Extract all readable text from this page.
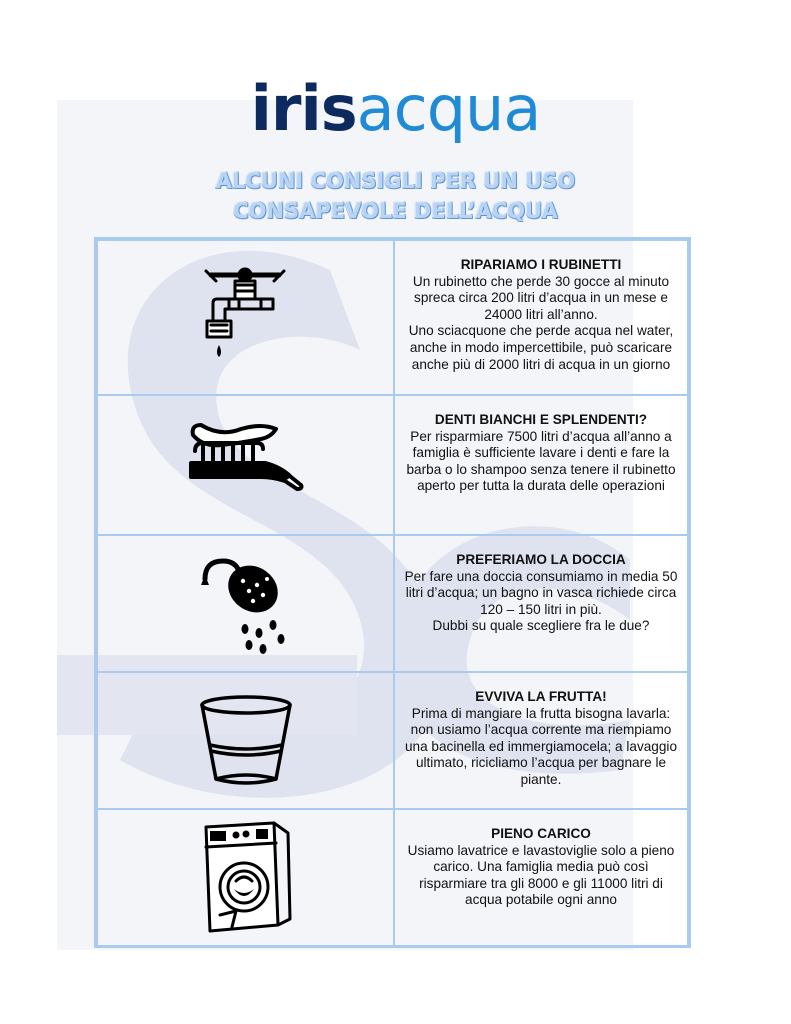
irisacqua
ALCUNI CONSIGLI PER UN USO
CONSAPEVOLE DELL’ACQUA
RIPARIAMO I RUBINETTI
Un rubinetto che perde 30 gocce al minuto
spreca circa 200 litri d’acqua in un mese e
24000 litri all’anno.
Uno sciacquone che perde acqua nel water,
anche in modo impercettibile, può scaricare
anche più di 2000 litri di acqua in un giorno
DENTI BIANCHI E SPLENDENTI?
Per risparmiare 7500 litri d’acqua all’anno a
famiglia è sufficiente lavare i denti e fare la
barba o lo shampoo senza tenere il rubinetto
aperto per tutta la durata delle operazioni
PREFERIAMO LA DOCCIA
Per fare una doccia consumiamo in media 50
litri d’acqua; un bagno in vasca richiede circa
120 – 150 litri in più.
Dubbi su quale scegliere fra le due?
EVVIVA LA FRUTTA!
Prima di mangiare la frutta bisogna lavarla:
non usiamo l’acqua corrente ma riempiamo
una bacinella ed immergiamocela; a lavaggio
ultimato, ricicliamo l’acqua per bagnare le
piante.
PIENO CARICO
Usiamo lavatrice e lavastoviglie solo a pieno
carico. Una famiglia media può così
risparmiare tra gli 8000 e gli 11000 litri di
acqua potabile ogni anno
